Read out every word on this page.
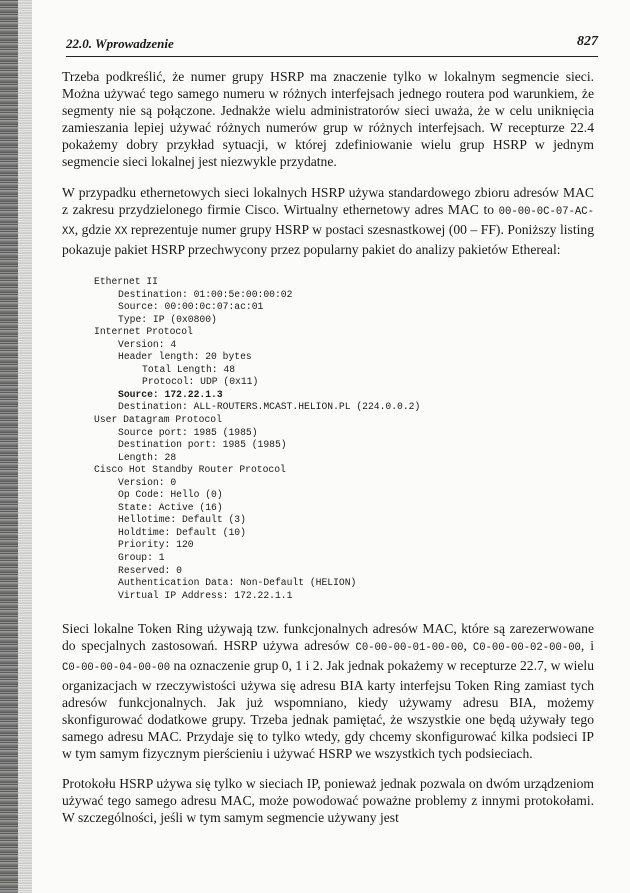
22.0. Wprowadzenie	827

Trzeba podkreślić, że numer grupy HSRP ma znaczenie tylko w lokalnym segmencie sieci. Można używać tego samego numeru w różnych interfejsach jednego routera pod warunkiem, że segmenty nie są połączone. Jednakże wielu administratorów sieci uważa, że w celu uniknięcia zamieszania lepiej używać różnych numerów grup w różnych interfejsach. W recepturze 22.4 pokażemy dobry przykład sytuacji, w której zdefiniowanie wielu grup HSRP w jednym segmencie sieci lokalnej jest niezwykle przydatne.

W przypadku ethernetowych sieci lokalnych HSRP używa standardowego zbioru adresów MAC z zakresu przydzielonego firmie Cisco. Wirtualny ethernetowy adres MAC to 00-00-0C-07-AC-XX, gdzie XX reprezentuje numer grupy HSRP w postaci szesnastkowej (00 – FF). Poniższy listing pokazuje pakiet HSRP przechwycony przez popularny pakiet do analizy pakietów Ethereal:

Ethernet II
Destination: 01:00:5e:00:00:02
Source: 00:00:0c:07:ac:01
Type: IP (0x0800)
Internet Protocol
Version: 4
Header length: 20 bytes
Total Length: 48
Protocol: UDP (0x11)
Source: 172.22.1.3
Destination: ALL-ROUTERS.MCAST.HELION.PL (224.0.0.2)
User Datagram Protocol
Source port: 1985 (1985)
Destination port: 1985 (1985)
Length: 28
Cisco Hot Standby Router Protocol
Version: 0
Op Code: Hello (0)
State: Active (16)
Hellotime: Default (3)
Holdtime: Default (10)
Priority: 120
Group: 1
Reserved: 0
Authentication Data: Non-Default (HELION)
Virtual IP Address: 172.22.1.1

Sieci lokalne Token Ring używają tzw. funkcjonalnych adresów MAC, które są zarezerwowane do specjalnych zastosowań. HSRP używa adresów C0-00-00-01-00-00, C0-00-00-02-00-00, i C0-00-00-04-00-00 na oznaczenie grup 0, 1 i 2. Jak jednak pokażemy w recepturze 22.7, w wielu organizacjach w rzeczywistości używa się adresu BIA karty interfejsu Token Ring zamiast tych adresów funkcjonalnych. Jak już wspomniano, kiedy używamy adresu BIA, możemy skonfigurować dodatkowe grupy. Trzeba jednak pamiętać, że wszystkie one będą używały tego samego adresu MAC. Przydaje się to tylko wtedy, gdy chcemy skonfigurować kilka podsieci IP w tym samym fizycznym pierścieniu i używać HSRP we wszystkich tych podsieciach.

Protokołu HSRP używa się tylko w sieciach IP, ponieważ jednak pozwala on dwóm urządzeniom używać tego samego adresu MAC, może powodować poważne problemy z innymi protokołami. W szczególności, jeśli w tym samym segmencie używany jest
